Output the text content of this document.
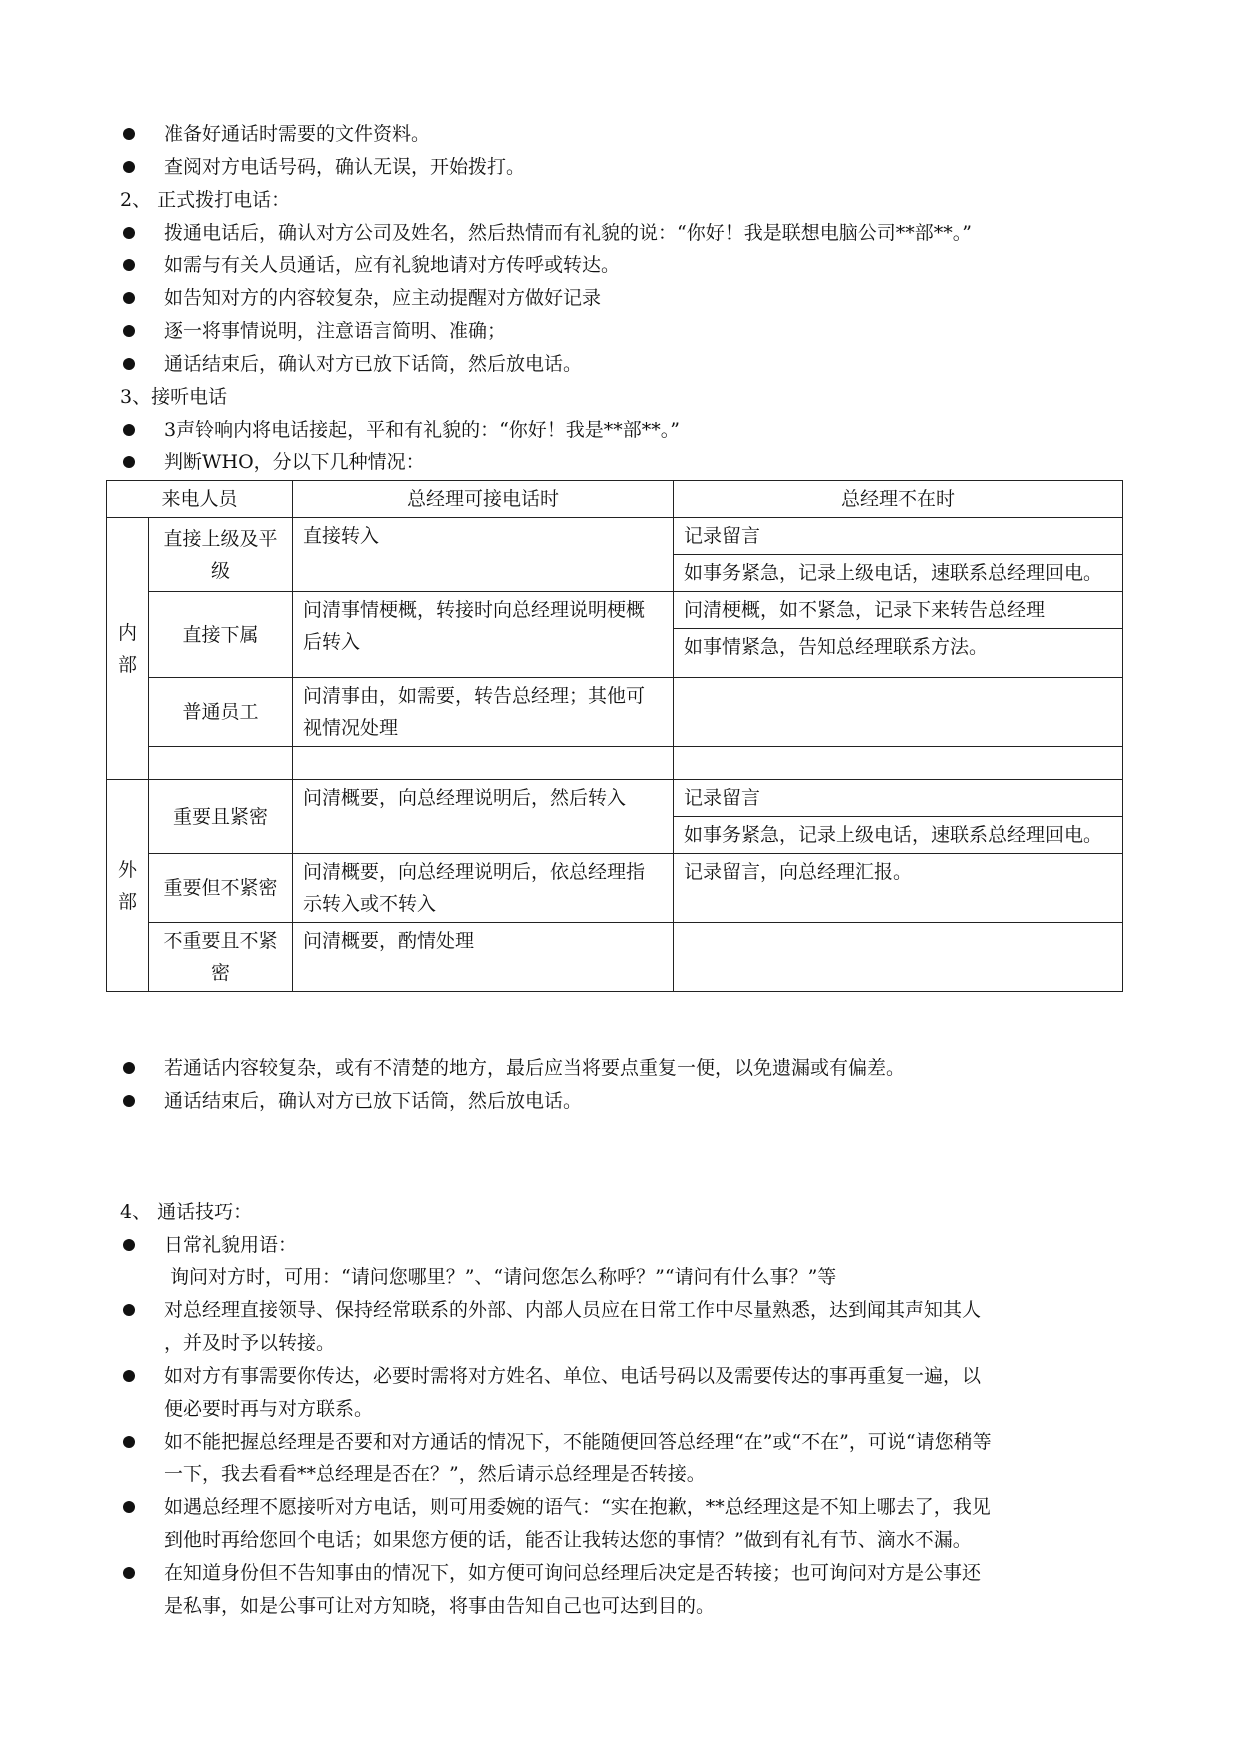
准备好通话时需要的文件资料。
查阅对方电话号码，确认无误，开始拨打。
2、 正式拨打电话：
拨通电话后，确认对方公司及姓名，然后热情而有礼貌的说：“你好！我是联想电脑公司**部**。”
如需与有关人员通话，应有礼貌地请对方传呼或转达。
如告知对方的内容较复杂，应主动提醒对方做好记录
逐一将事情说明，注意语言简明、准确；
通话结束后，确认对方已放下话筒，然后放电话。
3、接听电话
3声铃响内将电话接起，平和有礼貌的：“你好！我是**部**。”
判断WHO，分以下几种情况：
来电人员		总经理可接电话时	总经理不在时
内部	直接上级及平级	直接转入	记录留言
			如事务紧急，记录上级电话，速联系总经理回电。
	直接下属	问清事情梗概，转接时向总经理说明梗概后转入	问清梗概，如不紧急，记录下来转告总经理
			如事情紧急，告知总经理联系方法。
	普通员工	问清事由，如需要，转告总经理；其他可视情况处理	

外部	重要且紧密	问清概要，向总经理说明后，然后转入	记录留言
			如事务紧急，记录上级电话，速联系总经理回电。
	重要但不紧密	问清概要，向总经理说明后，依总经理指示转入或不转入	记录留言，向总经理汇报。

	不重要且不紧密	问清概要，酌情处理	

若通话内容较复杂，或有不清楚的地方，最后应当将要点重复一便，以免遗漏或有偏差。
通话结束后，确认对方已放下话筒，然后放电话。
4、 通话技巧：
日常礼貌用语：
询问对方时，可用：“请问您哪里？”、“请问您怎么称呼？”“请问有什么事？”等
对总经理直接领导、保持经常联系的外部、内部人员应在日常工作中尽量熟悉，达到闻其声知其人
，并及时予以转接。
如对方有事需要你传达，必要时需将对方姓名、单位、电话号码以及需要传达的事再重复一遍，以
便必要时再与对方联系。
如不能把握总经理是否要和对方通话的情况下，不能随便回答总经理“在”或“不在”，可说“请您稍等
一下，我去看看**总经理是否在？”，然后请示总经理是否转接。
如遇总经理不愿接听对方电话，则可用委婉的语气：“实在抱歉，**总经理这是不知上哪去了，我见
到他时再给您回个电话；如果您方便的话，能否让我转达您的事情？”做到有礼有节、滴水不漏。
在知道身份但不告知事由的情况下，如方便可询问总经理后决定是否转接；也可询问对方是公事还
是私事，如是公事可让对方知晓，将事由告知自己也可达到目的。
